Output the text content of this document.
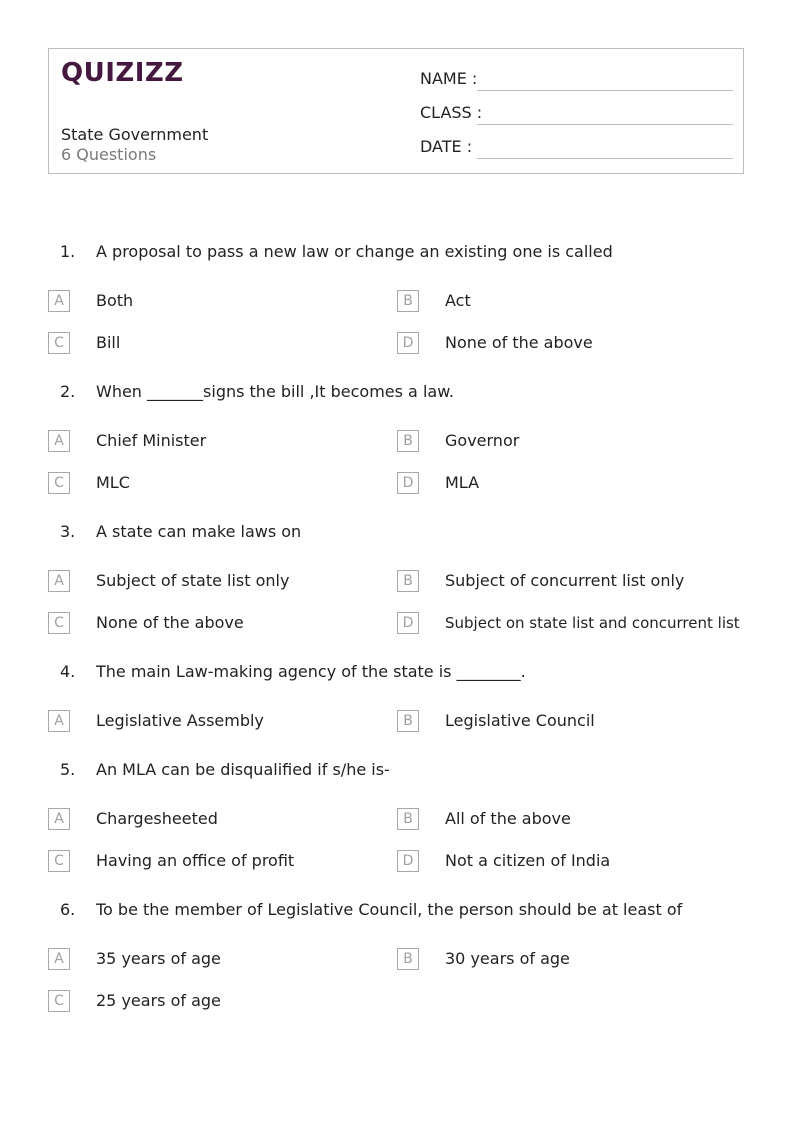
QUIZIZZ
State Government
6 Questions
NAME :
CLASS :
DATE :
1. A proposal to pass a new law or change an existing one is called
A	Both	B	Act
C	Bill	D	None of the above
2. When _______signs the bill ,It becomes a law.
A	Chief Minister	B	Governor
C	MLC	D	MLA
3. A state can make laws on
A	Subject of state list only	B	Subject of concurrent list only
C	None of the above	D	Subject on state list and concurrent list
4. The main Law-making agency of the state is ________.
A	Legislative Assembly	B	Legislative Council
5. An MLA can be disqualified if s/he is-
A	Chargesheeted	B	All of the above
C	Having an office of profit	D	Not a citizen of India
6. To be the member of Legislative Council, the person should be at least of
A	35 years of age	B	30 years of age
C	25 years of age
